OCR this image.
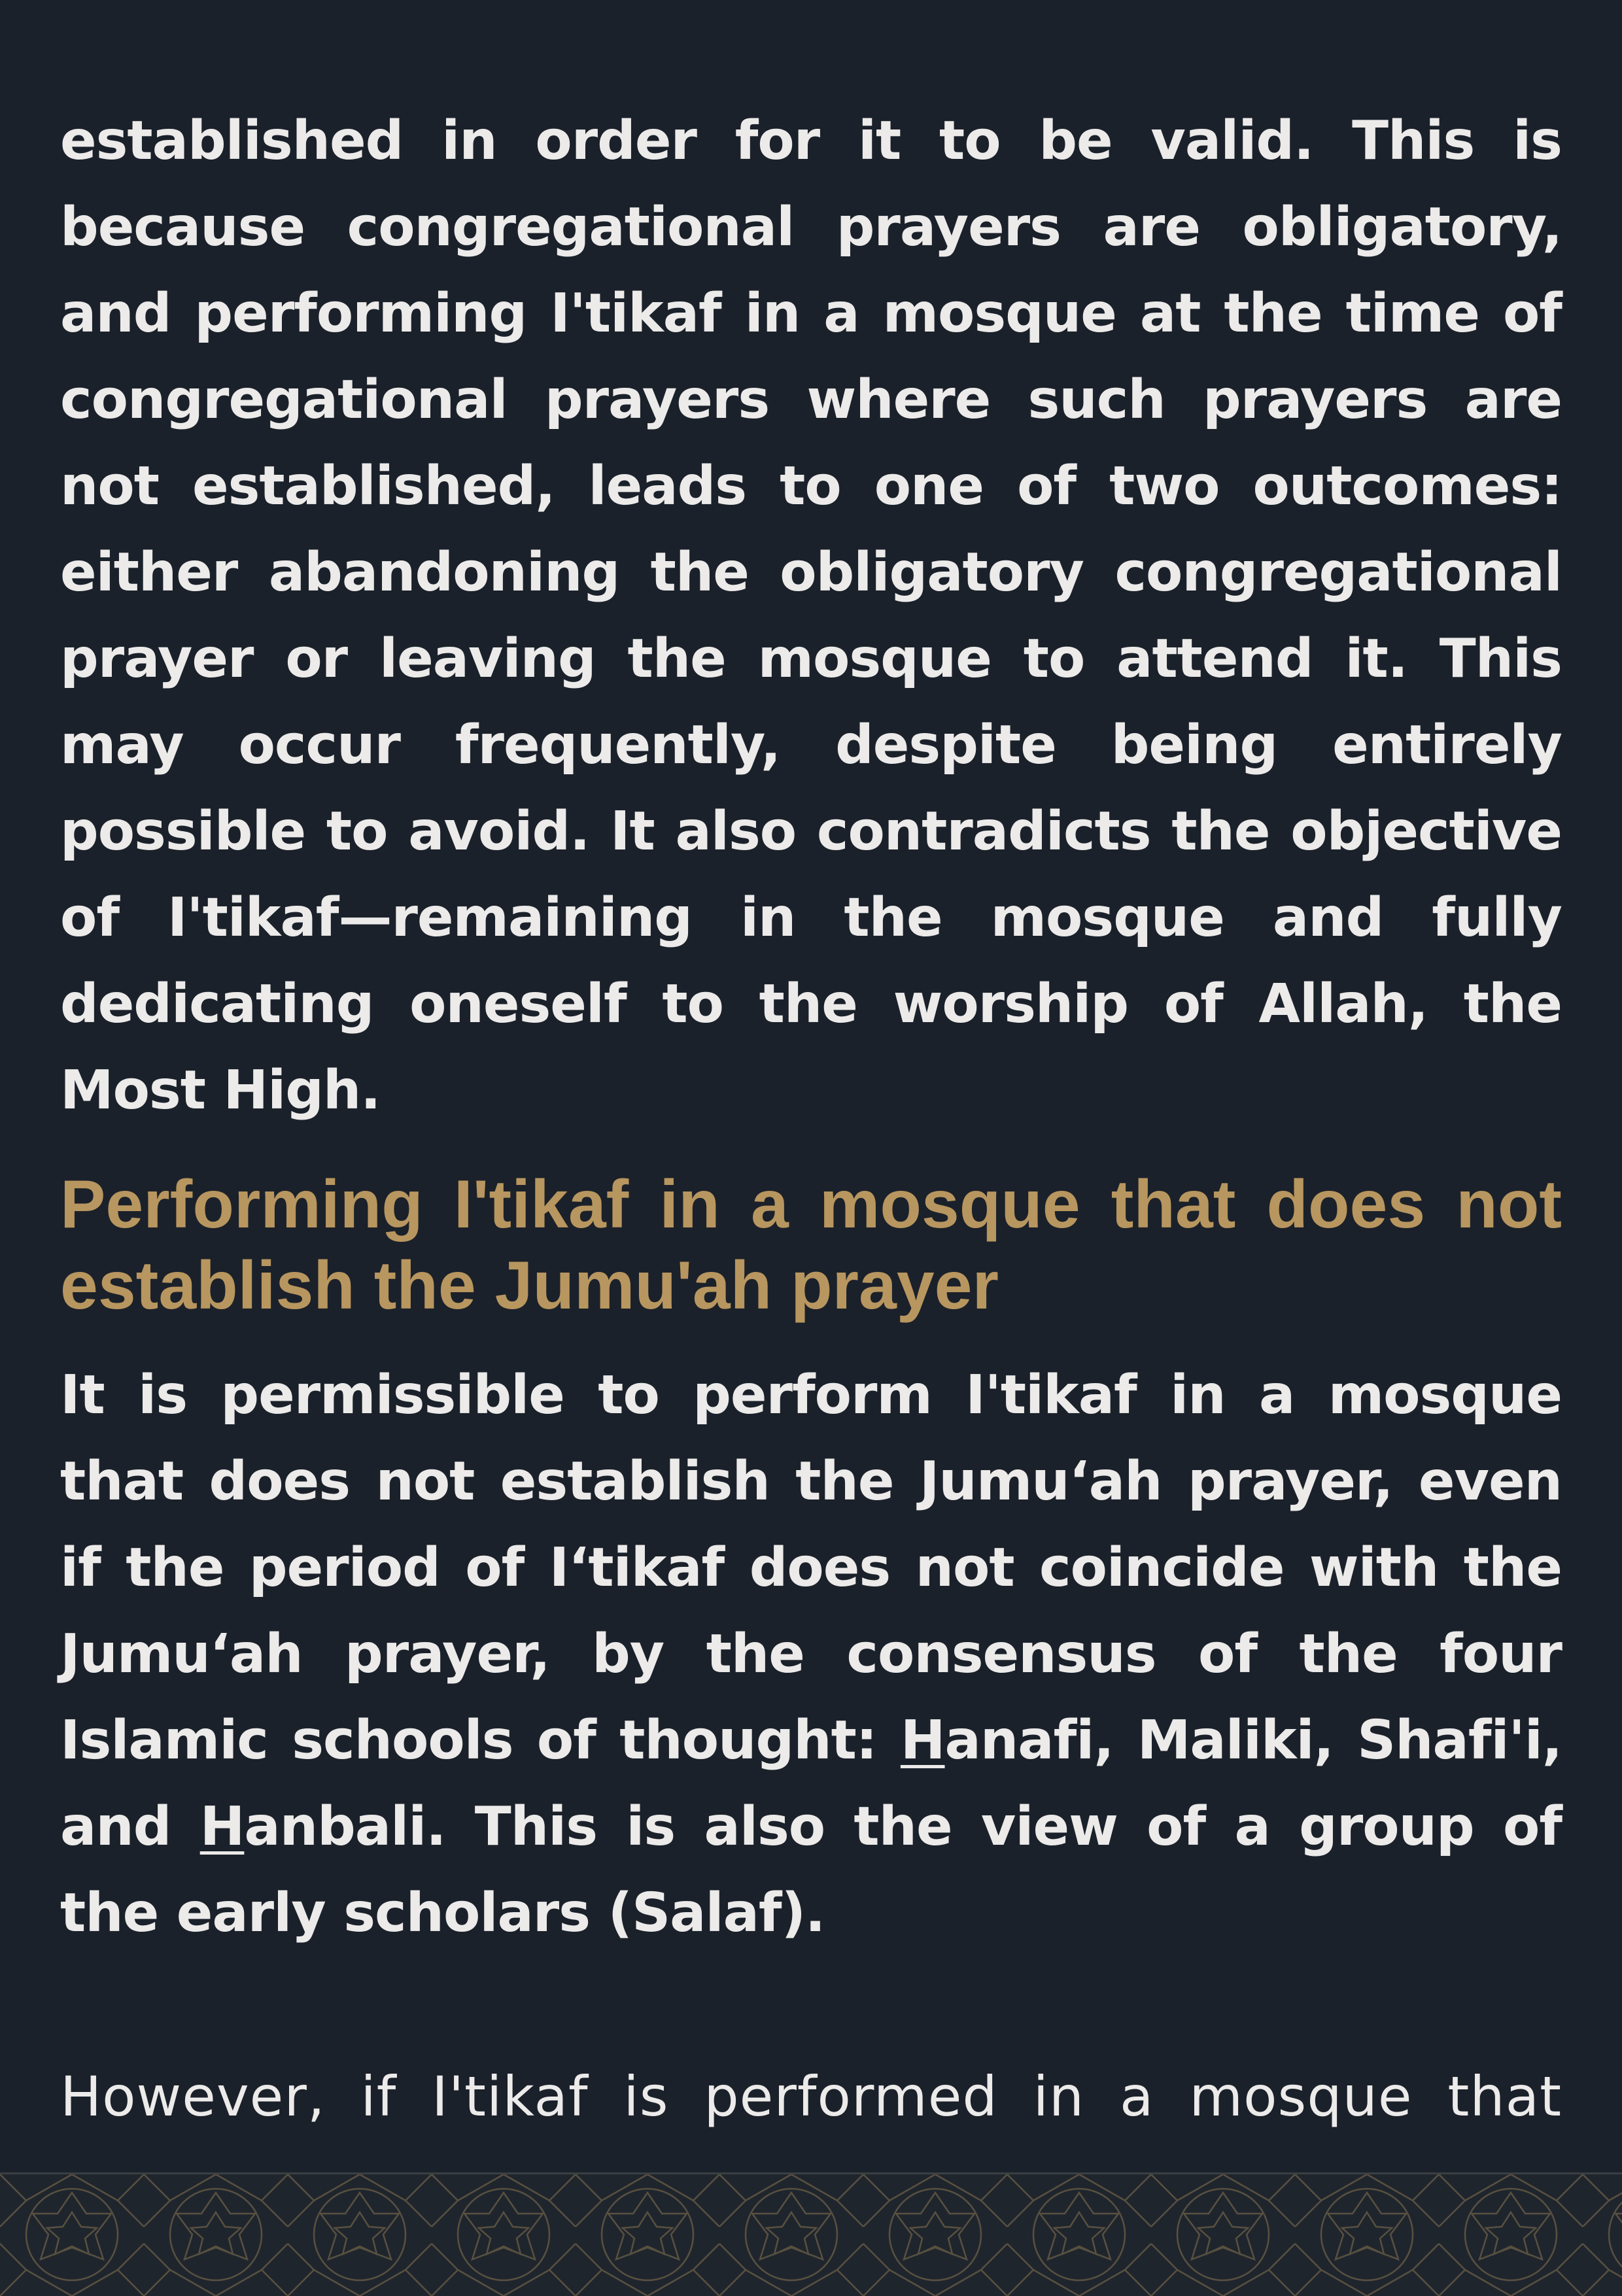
established in order for it to be valid. This is because congregational prayers are obligatory, and performing I'tikaf in a mosque at the time of congregational prayers where such prayers are not established, leads to one of two outcomes: either abandoning the obligatory congregational prayer or leaving the mosque to attend it. This may occur frequently, despite being entirely possible to avoid. It also contradicts the objective of I'tikaf—remaining in the mosque and fully dedicating oneself to the worship of Allah, the Most High.

Performing I'tikaf in a mosque that does not establish the Jumu'ah prayer

It is permissible to perform I'tikaf in a mosque that does not establish the Jumuʻah prayer, even if the period of Iʻtikaf does not coincide with the Jumuʻah prayer, by the consensus of the four Islamic schools of thought: Hanafi, Maliki, Shafi'i, and Hanbali. This is also the view of a group of the early scholars (Salaf).

However, if I'tikaf is performed in a mosque that
